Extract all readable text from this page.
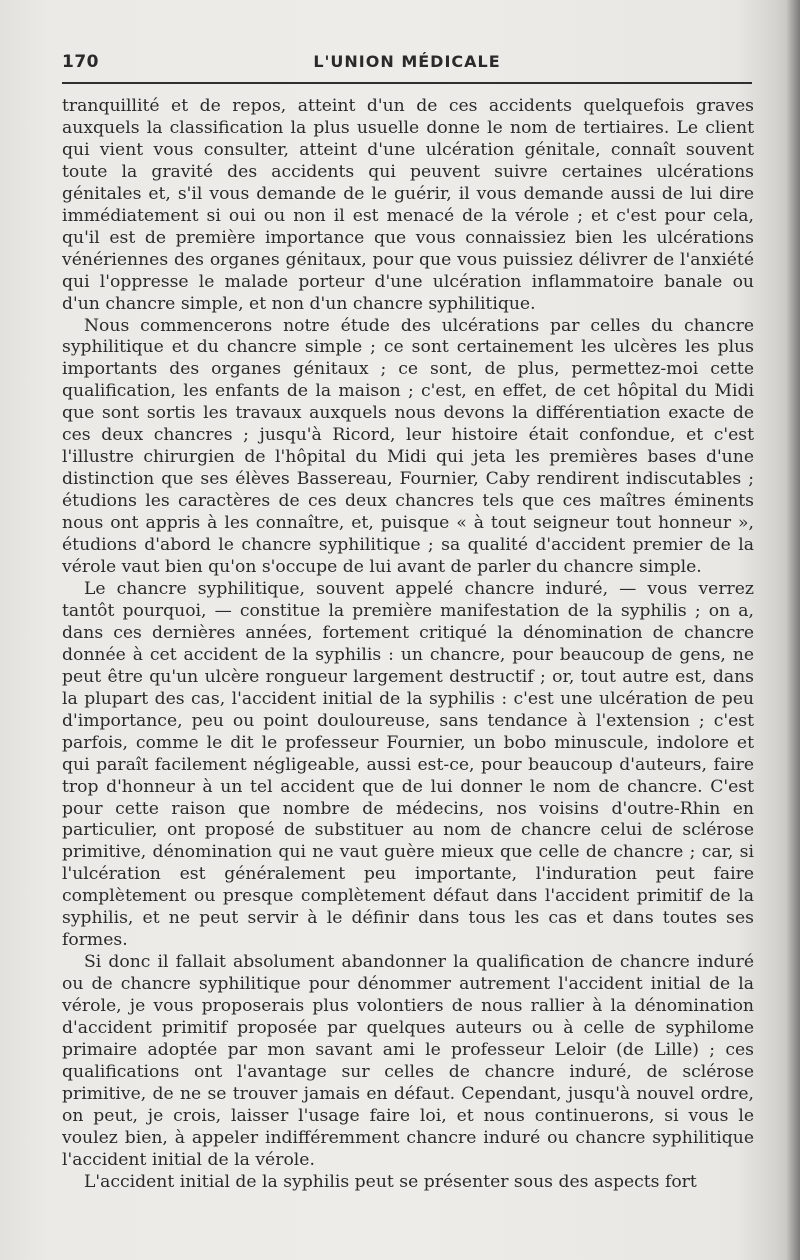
170	L'UNION MÉDICALE

tranquillité et de repos, atteint d'un de ces accidents quelquefois graves auxquels la classification la plus usuelle donne le nom de tertiaires. Le client qui vient vous consulter, atteint d'une ulcération génitale, connaît souvent toute la gravité des accidents qui peuvent suivre certaines ulcérations génitales et, s'il vous demande de le guérir, il vous demande aussi de lui dire immédiatement si oui ou non il est menacé de la vérole ; et c'est pour cela, qu'il est de première importance que vous connaissiez bien les ulcérations vénériennes des organes génitaux, pour que vous puissiez délivrer de l'anxiété qui l'oppresse le malade porteur d'une ulcération inflammatoire banale ou d'un chancre simple, et non d'un chancre syphilitique.

Nous commencerons notre étude des ulcérations par celles du chancre syphilitique et du chancre simple ; ce sont certainement les ulcères les plus importants des organes génitaux ; ce sont, de plus, permettez-moi cette qualification, les enfants de la maison ; c'est, en effet, de cet hôpital du Midi que sont sortis les travaux auxquels nous devons la différentiation exacte de ces deux chancres ; jusqu'à Ricord, leur histoire était confondue, et c'est l'illustre chirurgien de l'hôpital du Midi qui jeta les premières bases d'une distinction que ses élèves Bassereau, Fournier, Caby rendirent indiscutables ; étudions les caractères de ces deux chancres tels que ces maîtres éminents nous ont appris à les connaître, et, puisque « à tout seigneur tout honneur », étudions d'abord le chancre syphilitique ; sa qualité d'accident premier de la vérole vaut bien qu'on s'occupe de lui avant de parler du chancre simple.

Le chancre syphilitique, souvent appelé chancre induré, — vous verrez tantôt pourquoi, — constitue la première manifestation de la syphilis ; on a, dans ces dernières années, fortement critiqué la dénomination de chancre donnée à cet accident de la syphilis : un chancre, pour beaucoup de gens, ne peut être qu'un ulcère rongueur largement destructif ; or, tout autre est, dans la plupart des cas, l'accident initial de la syphilis : c'est une ulcération de peu d'importance, peu ou point douloureuse, sans tendance à l'extension ; c'est parfois, comme le dit le professeur Fournier, un bobo minuscule, indolore et qui paraît facilement négligeable, aussi est-ce, pour beaucoup d'auteurs, faire trop d'honneur à un tel accident que de lui donner le nom de chancre. C'est pour cette raison que nombre de médecins, nos voisins d'outre-Rhin en particulier, ont proposé de substituer au nom de chancre celui de sclérose primitive, dénomination qui ne vaut guère mieux que celle de chancre ; car, si l'ulcération est généralement peu importante, l'induration peut faire complètement ou presque complètement défaut dans l'accident primitif de la syphilis, et ne peut servir à le définir dans tous les cas et dans toutes ses formes.

Si donc il fallait absolument abandonner la qualification de chancre induré ou de chancre syphilitique pour dénommer autrement l'accident initial de la vérole, je vous proposerais plus volontiers de nous rallier à la dénomination d'accident primitif proposée par quelques auteurs ou à celle de syphilome primaire adoptée par mon savant ami le professeur Leloir (de Lille) ; ces qualifications ont l'avantage sur celles de chancre induré, de sclérose primitive, de ne se trouver jamais en défaut. Cependant, jusqu'à nouvel ordre, on peut, je crois, laisser l'usage faire loi, et nous continuerons, si vous le voulez bien, à appeler indifféremment chancre induré ou chancre syphilitique l'accident initial de la vérole.

L'accident initial de la syphilis peut se présenter sous des aspects fort
